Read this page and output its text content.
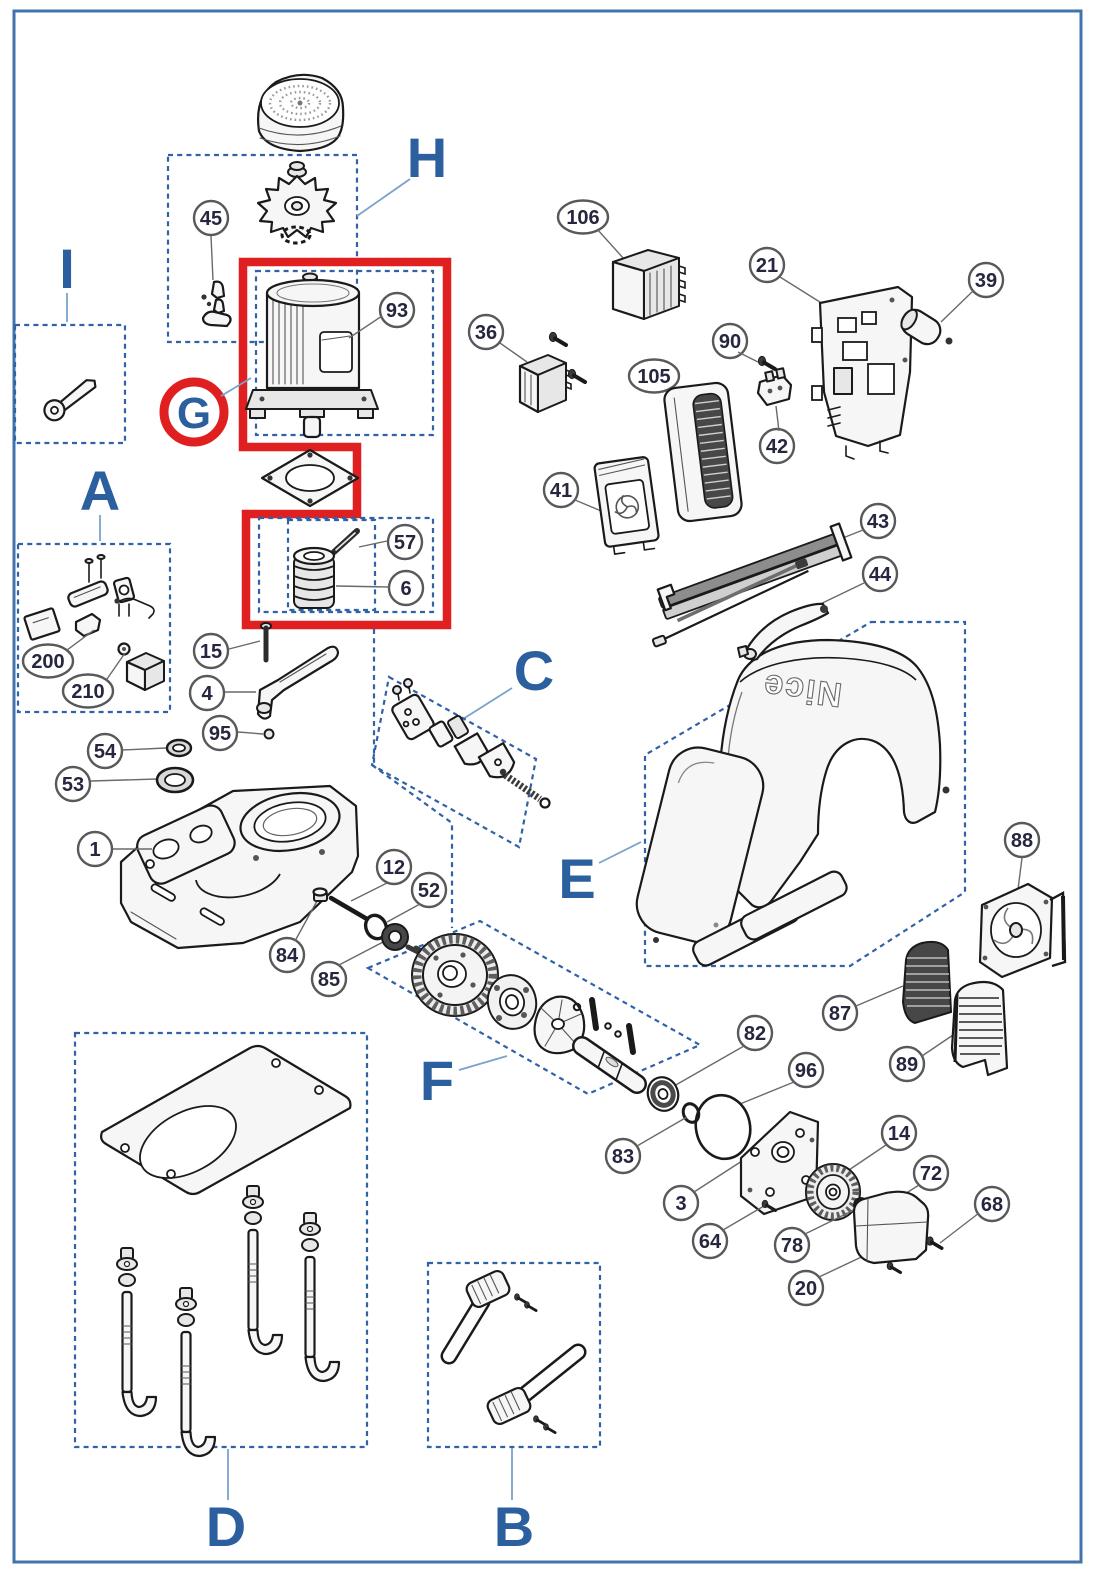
H
45
I
G
93
57
6
A
200
210
15
4
95
54
53
1
12
52
84
85
C
E
Nice
106
21
39
90
42
105
41
43
44
F
82
83
96
3
64
14
78
72
20
68
88
87
89
D	B
36
